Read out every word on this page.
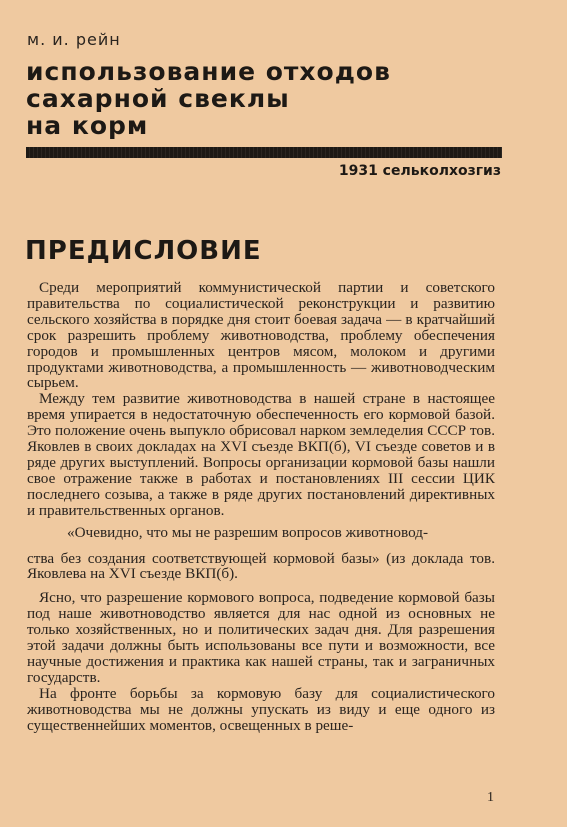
м. и. рейн
использование отходов
сахарной свеклы
на корм
1931 сельколхозгиз
ПРЕДИСЛОВИЕ

Среди мероприятий коммунистической партии и советского правительства по социалистической реконструкции и развитию сельского хозяйства в порядке дня стоит боевая задача — в кратчайший срок разрешить проблему животноводства, проблему обеспечения городов и промышленных центров мясом, молоком и другими продуктами животноводства, а промышленность — животноводческим сырьем.

Между тем развитие животноводства в нашей стране в настоящее время упирается в недостаточную обеспеченность его кормовой базой. Это положение очень выпукло обрисовал нарком земледелия СССР тов. Яковлев в своих докладах на XVI съезде ВКП(б), VI съезде советов и в ряде других выступлений. Вопросы организации кормовой базы нашли свое отражение также в работах и постановлениях III сессии ЦИК последнего созыва, а также в ряде других постановлений директивных и правительственных органов.

«Очевидно, что мы не разрешим вопросов животновод-

ства без создания соответствующей кормовой базы» (из доклада тов. Яковлева на XVI съезде ВКП(б).

Ясно, что разрешение кормового вопроса, подведение кормовой базы под наше животноводство является для нас одной из основных не только хозяйственных, но и политических задач дня. Для разрешения этой задачи должны быть использованы все пути и возможности, все научные достижения и практика как нашей страны, так и заграничных государств.

На фронте борьбы за кормовую базу для социалистического животноводства мы не должны упускать из виду и еще одного из существеннейших моментов, освещенных в реше-

1
